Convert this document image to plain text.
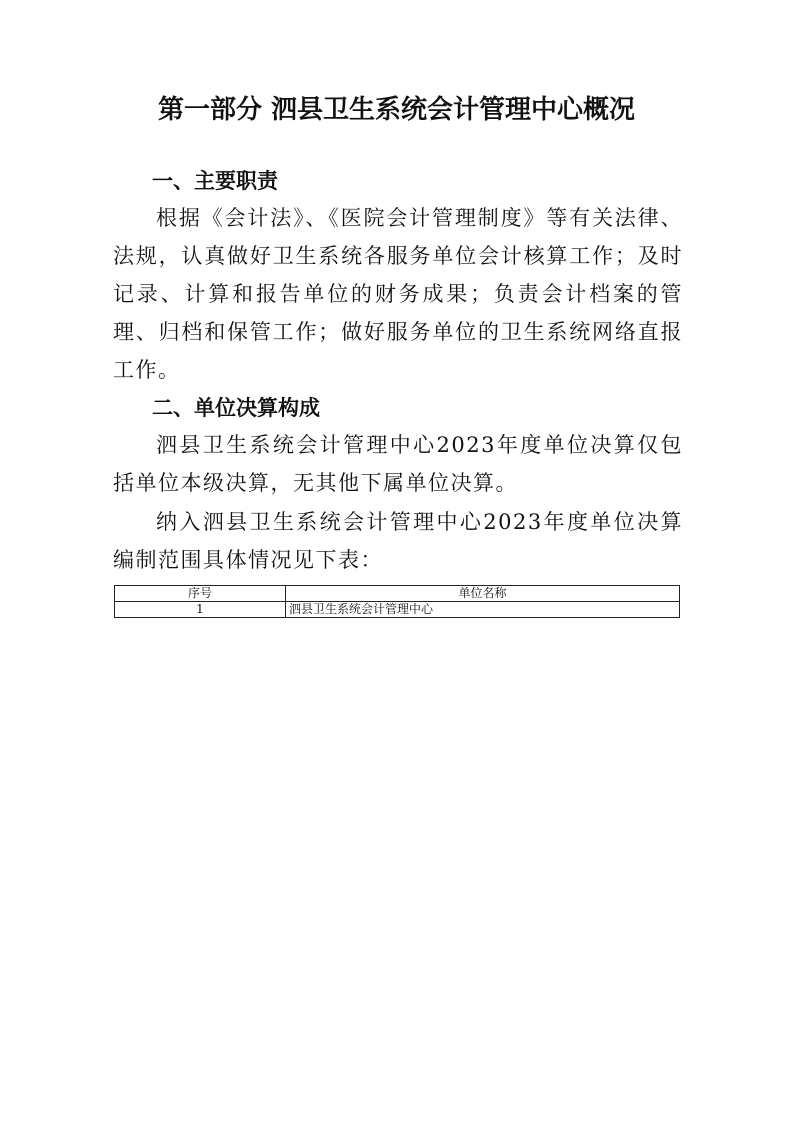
第一部分 泗县卫生系统会计管理中心概况
一、主要职责
根据《会计法》、《医院会计管理制度》等有关法律、法规，认真做好卫生系统各服务单位会计核算工作；及时记录、计算和报告单位的财务成果；负责会计档案的管理、归档和保管工作；做好服务单位的卫生系统网络直报工作。
二、单位决算构成
泗县卫生系统会计管理中心2023年度单位决算仅包括单位本级决算，无其他下属单位决算。
纳入泗县卫生系统会计管理中心2023年度单位决算编制范围具体情况见下表：
序号	单位名称
1	泗县卫生系统会计管理中心
